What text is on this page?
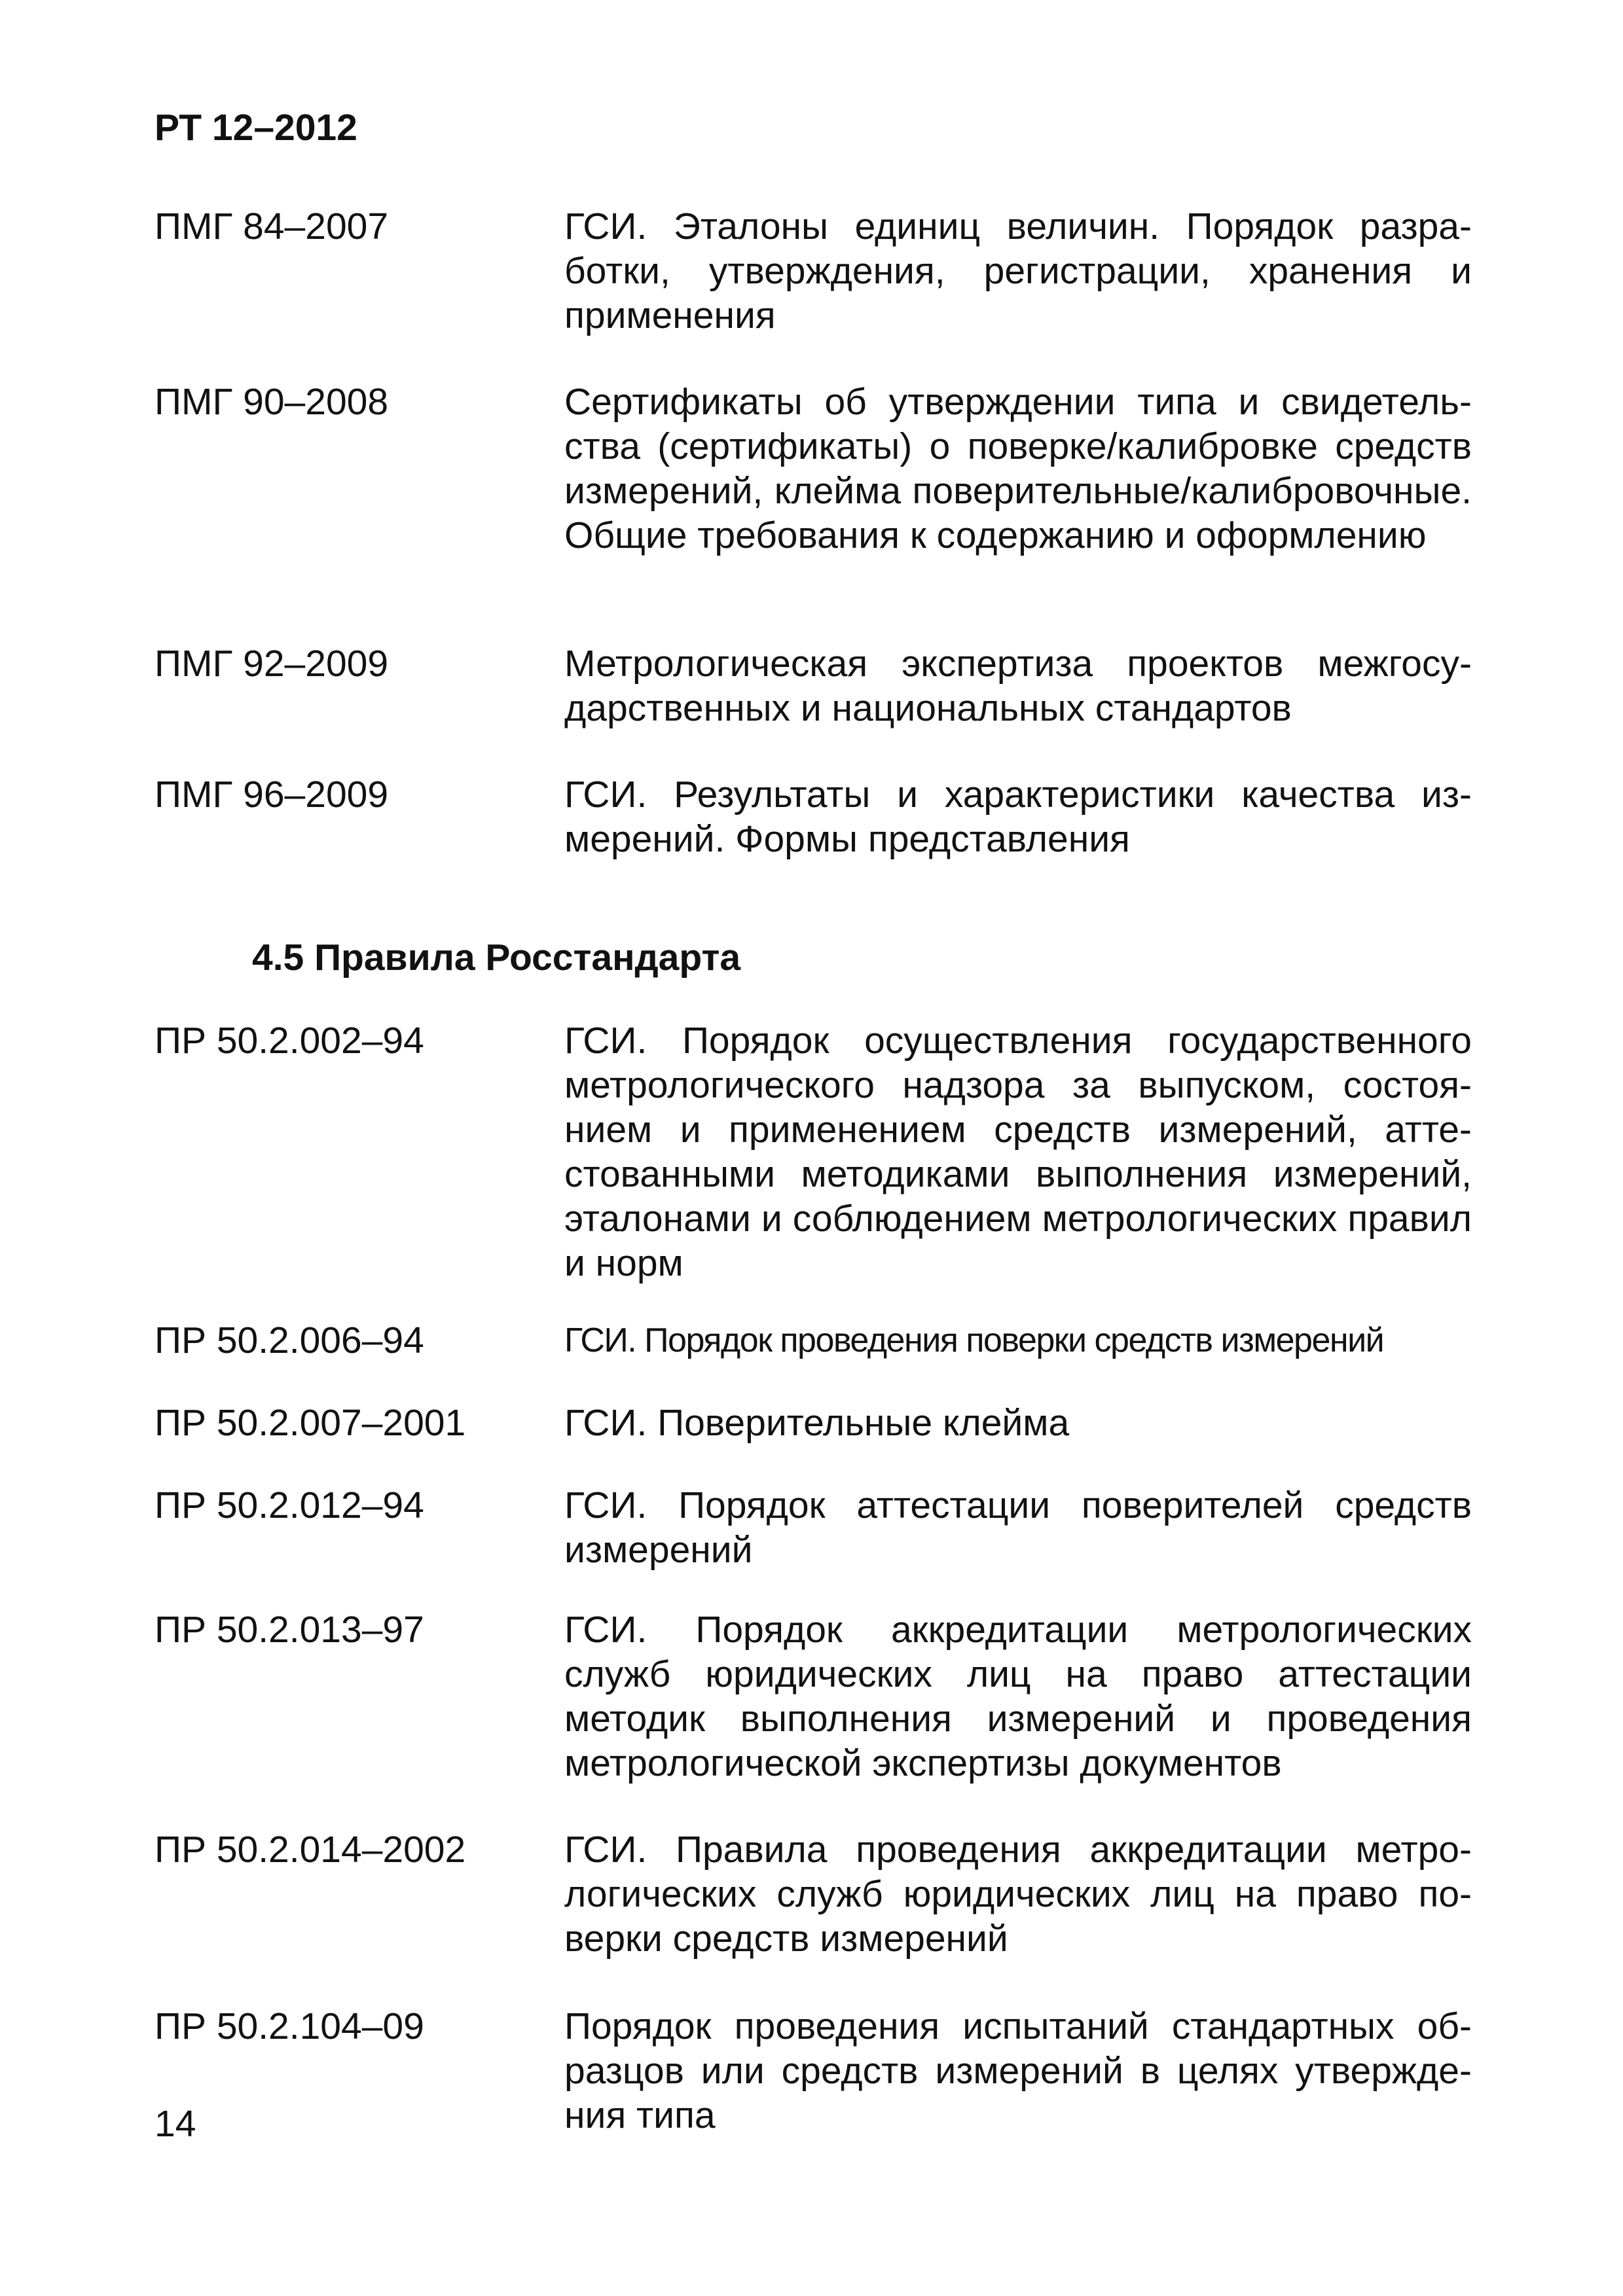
РТ 12–2012
ПМГ 84–2007	ГСИ. Эталоны единиц величин. Порядок разработки, утверждения, регистрации, хранения и применения
ПМГ 90–2008	Сертификаты об утверждении типа и свидетельства (сертификаты) о поверке/калибровке средств измерений, клейма поверительные/калибровочные. Общие требования к содержанию и оформлению
ПМГ 92–2009	Метрологическая экспертиза проектов межгосударственных и национальных стандартов
ПМГ 96–2009	ГСИ. Результаты и характеристики качества измерений. Формы представления
4.5 Правила Росстандарта
ПР 50.2.002–94	ГСИ. Порядок осуществления государственного метрологического надзора за выпуском, состоянием и применением средств измерений, аттестованными методиками выполнения измерений, эталонами и соблюдением метрологических правил и норм
ПР 50.2.006–94	ГСИ. Порядок проведения поверки средств измерений
ПР 50.2.007–2001	ГСИ. Поверительные клейма
ПР 50.2.012–94	ГСИ. Порядок аттестации поверителей средств измерений
ПР 50.2.013–97	ГСИ. Порядок аккредитации метрологических служб юридических лиц на право аттестации методик выполнения измерений и проведения метрологической экспертизы документов
ПР 50.2.014–2002	ГСИ. Правила проведения аккредитации метрологических служб юридических лиц на право поверки средств измерений
ПР 50.2.104–09	Порядок проведения испытаний стандартных образцов или средств измерений в целях утверждения типа
14
